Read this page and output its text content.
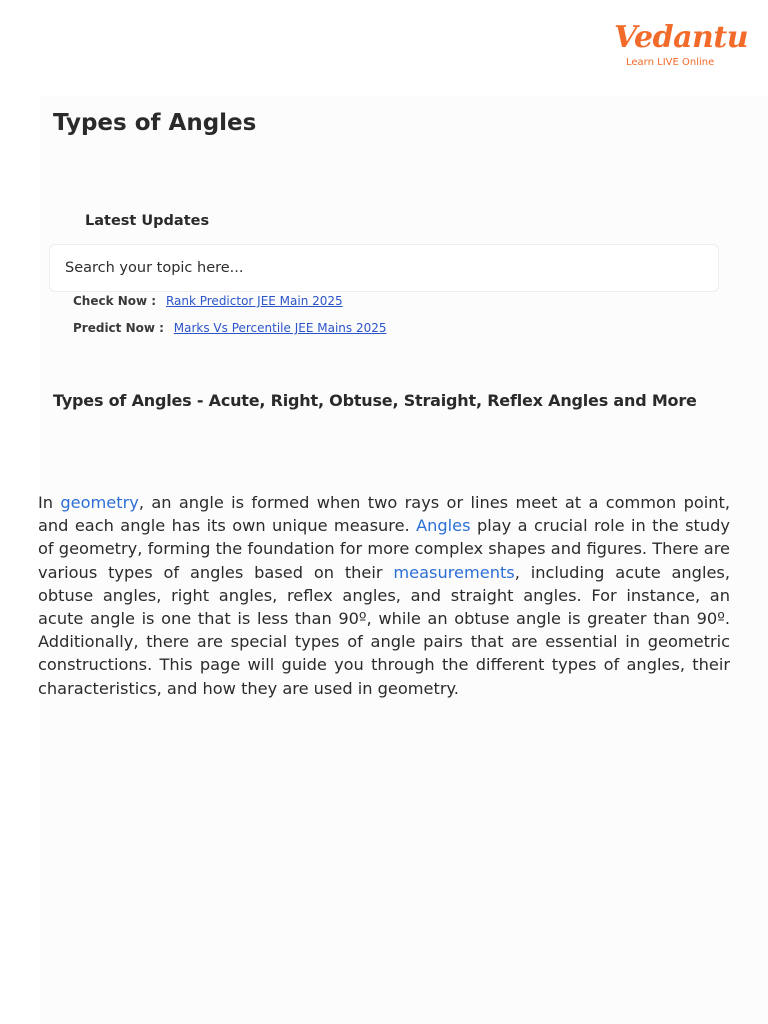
Vedantu
Learn LIVE Online
Types of Angles
Latest Updates
Search your topic here...
Check Now : Rank Predictor JEE Main 2025
Predict Now : Marks Vs Percentile JEE Mains 2025
Types of Angles - Acute, Right, Obtuse, Straight, Reflex Angles and More

In geometry, an angle is formed when two rays or lines meet at a common point, and each angle has its own unique measure. Angles play a crucial role in the study of geometry, forming the foundation for more complex shapes and figures. There are various types of angles based on their measurements, including acute angles, obtuse angles, right angles, reflex angles, and straight angles. For instance, an acute angle is one that is less than 90º, while an obtuse angle is greater than 90º. Additionally, there are special types of angle pairs that are essential in geometric constructions. This page will guide you through the different types of angles, their characteristics, and how they are used in geometry.
